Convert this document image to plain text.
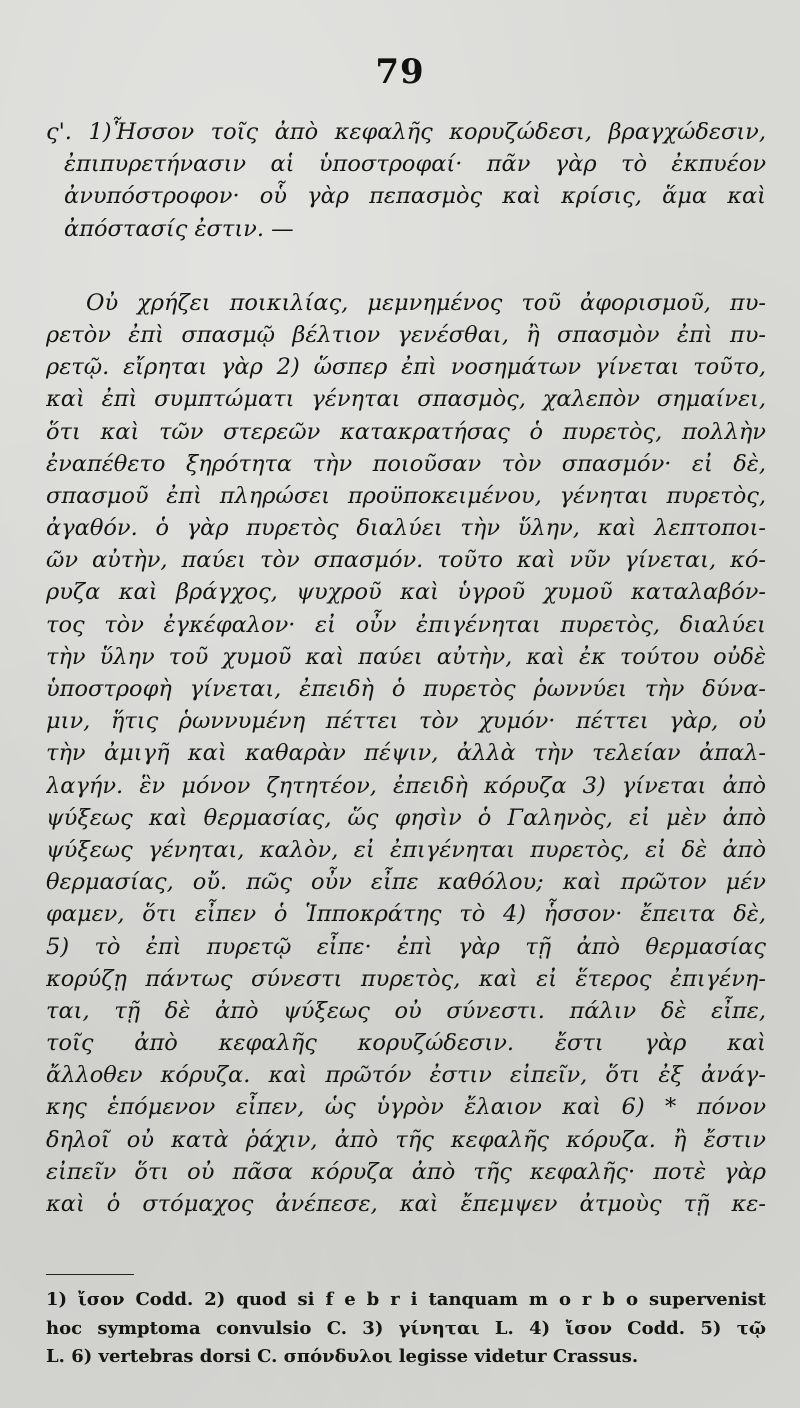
79
ς'. 1)Ἧσσον τοῖς ἀπὸ κεφαλῆς κορυζώδεσι, βραγχώδεσιν,
ἐπιπυρετήνασιν αἱ ὑποστροφαί· πᾶν γὰρ τὸ ἐκπυέον
ἀνυπόστροφον· οὗ γὰρ πεπασμὸς καὶ κρίσις, ἅμα καὶ
ἀπόστασίς ἐστιν. —
Οὐ χρήζει ποικιλίας, μεμνημένος τοῦ ἀφορισμοῦ, πυ-
ρετὸν ἐπὶ σπασμῷ βέλτιον γενέσθαι, ἢ σπασμὸν ἐπὶ πυ-
ρετῷ. εἴρηται γὰρ 2) ὥσπερ ἐπὶ νοσημάτων γίνεται τοῦτο,
καὶ ἐπὶ συμπτώματι γένηται σπασμὸς, χαλεπὸν σημαίνει,
ὅτι καὶ τῶν στερεῶν κατακρατήσας ὁ πυρετὸς, πολλὴν
ἐναπέθετο ξηρότητα τὴν ποιοῦσαν τὸν σπασμόν· εἰ δὲ,
σπασμοῦ ἐπὶ πληρώσει προϋποκειμένου, γένηται πυρετὸς,
ἀγαθόν. ὁ γὰρ πυρετὸς διαλύει τὴν ὕλην, καὶ λεπτοποι-
ῶν αὐτὴν, παύει τὸν σπασμόν. τοῦτο καὶ νῦν γίνεται, κό-
ρυζα καὶ βράγχος, ψυχροῦ καὶ ὑγροῦ χυμοῦ καταλαβόν-
τος τὸν ἐγκέφαλον· εἰ οὖν ἐπιγένηται πυρετὸς, διαλύει
τὴν ὕλην τοῦ χυμοῦ καὶ παύει αὐτὴν, καὶ ἐκ τούτου οὐδὲ
ὑποστροφὴ γίνεται, ἐπειδὴ ὁ πυρετὸς ῥωννύει τὴν δύνα-
μιν, ἥτις ῥωννυμένη πέττει τὸν χυμόν· πέττει γὰρ, οὐ
τὴν ἀμιγῆ καὶ καθαρὰν πέψιν, ἀλλὰ τὴν τελείαν ἀπαλ-
λαγήν. ἓν μόνον ζητητέον, ἐπειδὴ κόρυζα 3) γίνεται ἀπὸ
ψύξεως καὶ θερμασίας, ὥς φησὶν ὁ Γαληνὸς, εἰ μὲν ἀπὸ
ψύξεως γένηται, καλὸν, εἰ ἐπιγένηται πυρετὸς, εἰ δὲ ἀπὸ
θερμασίας, οὔ. πῶς οὖν εἶπε καθόλου; καὶ πρῶτον μέν
φαμεν, ὅτι εἶπεν ὁ Ἱπποκράτης τὸ 4) ἧσσον· ἔπειτα δὲ,
5) τὸ ἐπὶ πυρετῷ εἶπε· ἐπὶ γὰρ τῇ ἀπὸ θερμασίας
κορύζῃ πάντως σύνεστι πυρετὸς, καὶ εἰ ἕτερος ἐπιγένη-
ται, τῇ δὲ ἀπὸ ψύξεως οὐ σύνεστι. πάλιν δὲ εἶπε,
τοῖς ἀπὸ κεφαλῆς κορυζώδεσιν. ἔστι γὰρ καὶ
ἄλλοθεν κόρυζα. καὶ πρῶτόν ἐστιν εἰπεῖν, ὅτι ἐξ ἀνάγ-
κης ἑπόμενον εἶπεν, ὡς ὑγρὸν ἔλαιον καὶ 6) * πόνον
δηλοῖ οὐ κατὰ ῥάχιν, ἀπὸ τῆς κεφαλῆς κόρυζα. ἢ ἔστιν
εἰπεῖν ὅτι οὐ πᾶσα κόρυζα ἀπὸ τῆς κεφαλῆς· ποτὲ γὰρ
καὶ ὁ στόμαχος ἀνέπεσε, καὶ ἔπεμψεν ἀτμοὺς τῇ κε-
1) ἴσον Codd. 2) quod si f e b r i tanquam m o r b o supervenist
hoc symptoma convulsio C. 3) γίνηται L. 4) ἴσον Codd. 5) τῷ
L. 6) vertebras dorsi C. σπόνδυλοι legisse videtur Crassus.
